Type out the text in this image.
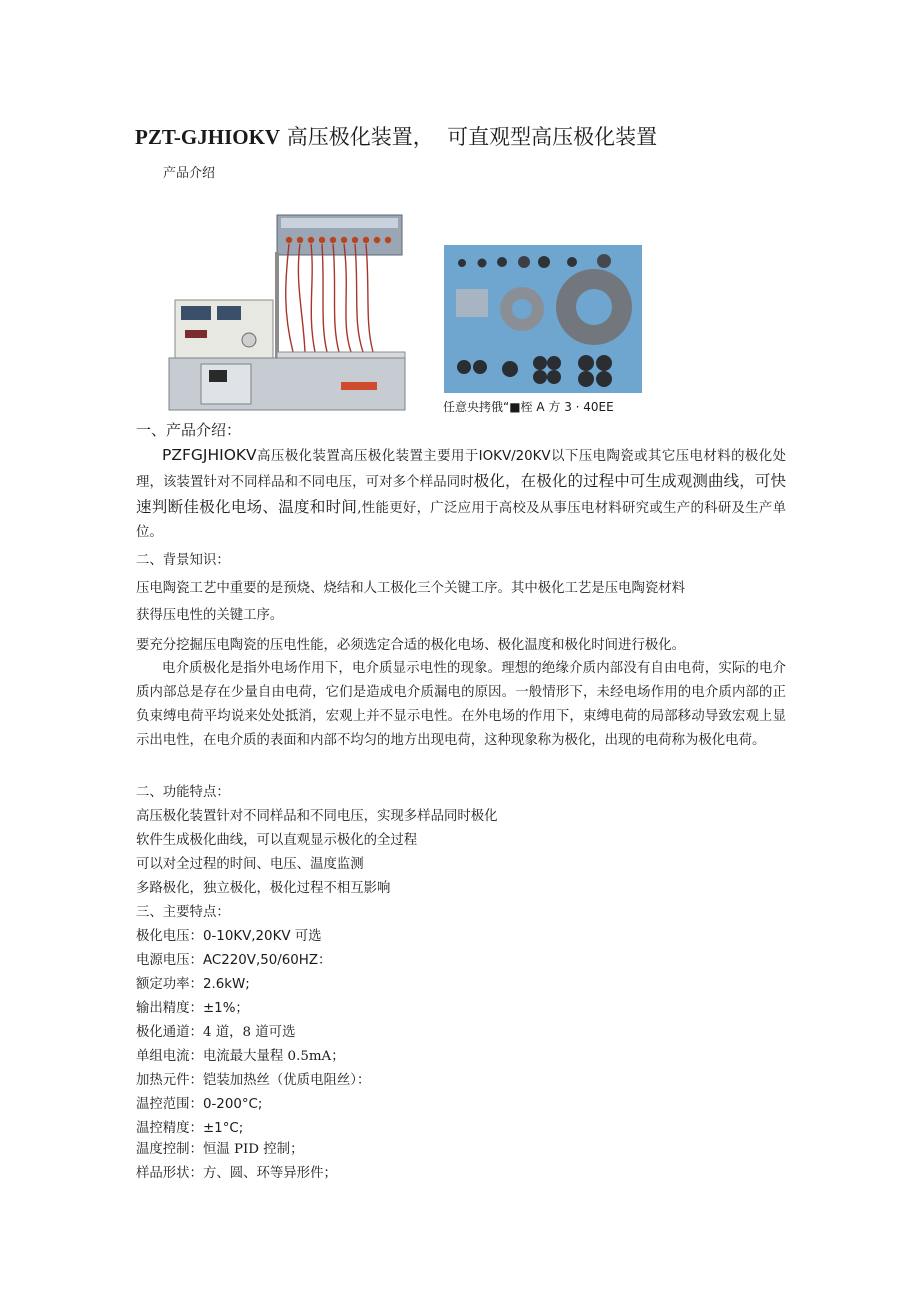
PZT-GJHIOKV 高压极化装置， 可直观型高压极化装置
产品介绍
任意央拷俄“■桎 A 方 3 · 40EE
一、产品介绍：
PZFGJHIOKV高压极化装置高压极化装置主要用于IOKV/20KV以下压电陶瓷或其它压电材料的极化处理，该装置针对不同样品和不同电压，可对多个样品同时极化，在极化的过程中可生成观测曲线，可快速判断佳极化电场、温度和时间,性能更好，广泛应用于高校及从事压电材料研究或生产的科研及生产单位。
二、背景知识：
压电陶瓷工艺中重要的是预烧、烧结和人工极化三个关键工序。其中极化工艺是压电陶瓷材料
获得压电性的关键工序。
要充分挖掘压电陶瓷的压电性能，必须选定合适的极化电场、极化温度和极化时间进行极化。
电介质极化是指外电场作用下，电介质显示电性的现象。理想的绝缘介质内部没有自由电荷，实际的电介质内部总是存在少量自由电荷，它们是造成电介质漏电的原因。一般情形下，未经电场作用的电介质内部的正负束缚电荷平均说来处处抵消，宏观上并不显示电性。在外电场的作用下，束缚电荷的局部移动导致宏观上显示出电性，在电介质的表面和内部不均匀的地方出现电荷，这种现象称为极化，出现的电荷称为极化电荷。
二、功能特点：
高压极化装置针对不同样品和不同电压，实现多样品同时极化
软件生成极化曲线，可以直观显示极化的全过程
可以对全过程的时间、电压、温度监测
多路极化，独立极化，极化过程不相互影响
三、主要特点：
极化电压：0-10KV,20KV 可选
电源电压：AC220V,50/60HZ：
额定功率：2.6kW;
输出精度：±1%；
极化通道：4 道，8 道可选
单组电流：电流最大量程 0.5mA；
加热元件：铠装加热丝（优质电阻丝）：
温控范围：0-200°C;
温控精度：±1°C;
温度控制：恒温 PID 控制；
样品形状：方、圆、环等异形件；
